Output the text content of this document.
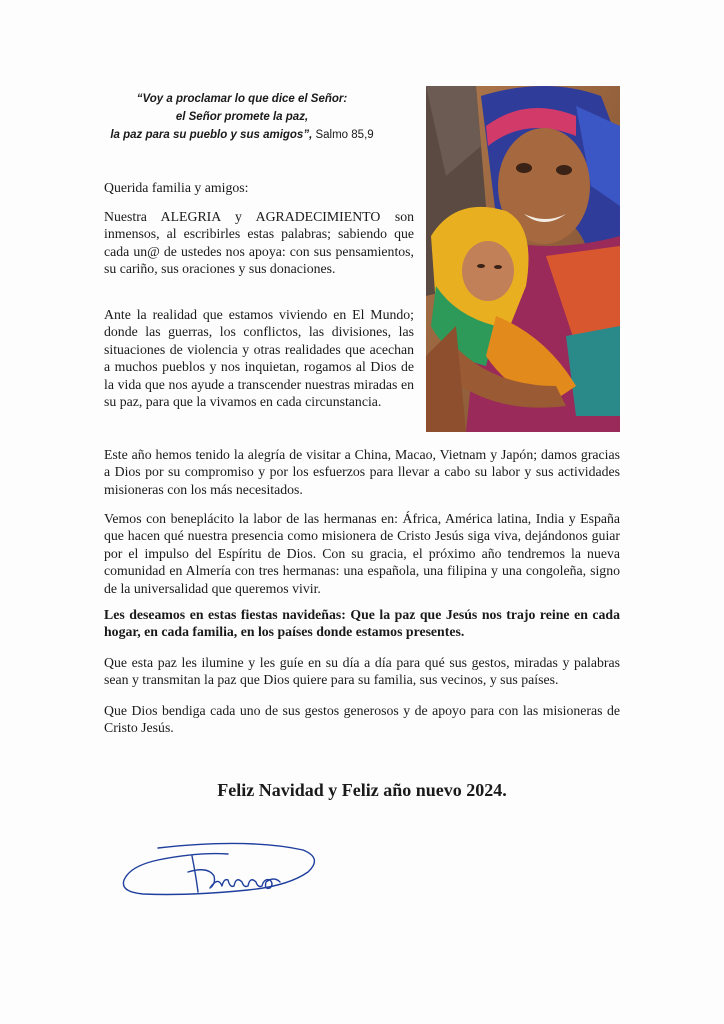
“Voy a proclamar lo que dice el Señor:
el Señor promete la paz,
la paz para su pueblo y sus amigos”, Salmo 85,9
Querida familia y amigos:

Nuestra ALEGRIA y AGRADECIMIENTO son inmensos, al escribirles estas palabras; sabiendo que cada un@ de ustedes nos apoya: con sus pensamientos, su cariño, sus oraciones y sus donaciones.

Ante la realidad que estamos viviendo en El Mundo; donde las guerras, los conflictos, las divisiones, las situaciones de violencia y otras realidades que acechan a muchos pueblos y nos inquietan, rogamos al Dios de la vida que nos ayude a transcender nuestras miradas en su paz, para que la vivamos en cada circunstancia.

Este año hemos tenido la alegría de visitar a China, Macao, Vietnam y Japón; damos gracias a Dios por su compromiso y por los esfuerzos para llevar a cabo su labor y sus actividades misioneras con los más necesitados.

Vemos con beneplácito la labor de las hermanas en: África, América latina, India y España que hacen qué nuestra presencia como misionera de Cristo Jesús siga viva, dejándonos guiar por el impulso del Espíritu de Dios. Con su gracia, el próximo año tendremos la nueva comunidad en Almería con tres hermanas: una española, una filipina y una congoleña, signo de la universalidad que queremos vivir.

Les deseamos en estas fiestas navideñas: Que la paz que Jesús nos trajo reine en cada hogar, en cada familia, en los países donde estamos presentes.

Que esta paz les ilumine y les guíe en su día a día para qué sus gestos, miradas y palabras sean y transmitan la paz que Dios quiere para su familia, sus vecinos, y sus países.

Que Dios bendiga cada uno de sus gestos generosos y de apoyo para con las misioneras de Cristo Jesús.

Feliz Navidad y Feliz año nuevo 2024.
